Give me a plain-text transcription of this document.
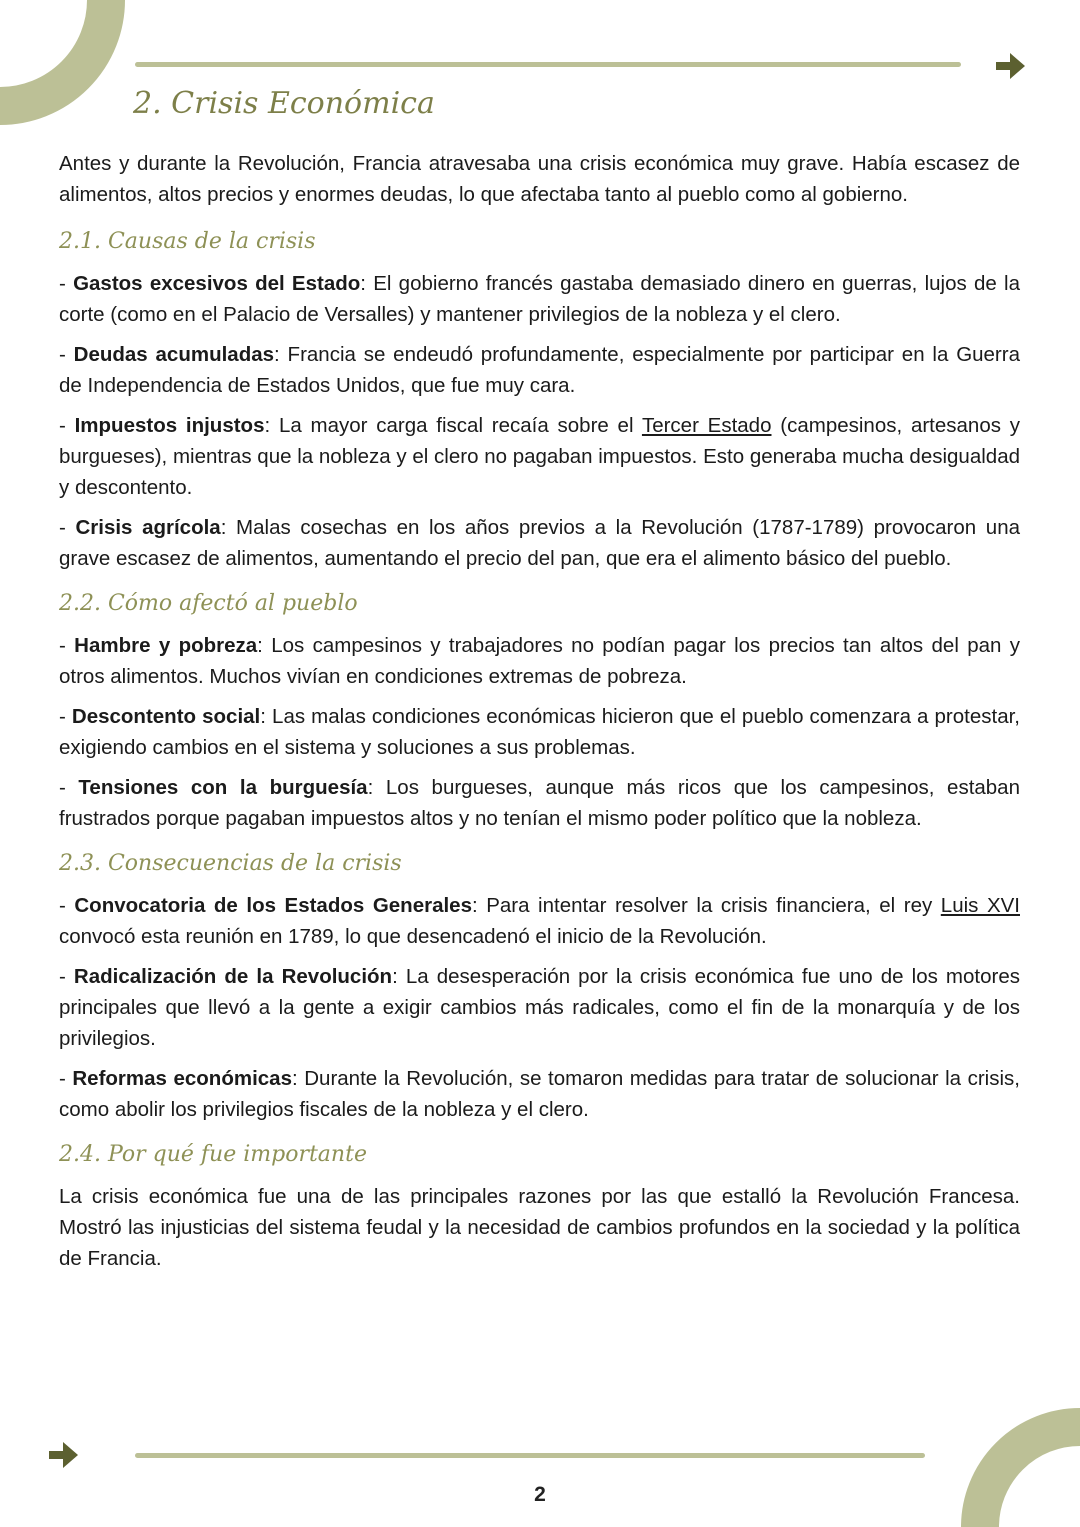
2. Crisis Económica

Antes y durante la Revolución, Francia atravesaba una crisis económica muy grave. Había escasez de alimentos, altos precios y enormes deudas, lo que afectaba tanto al pueblo como al gobierno.

2.1. Causas de la crisis

- Gastos excesivos del Estado: El gobierno francés gastaba demasiado dinero en guerras, lujos de la corte (como en el Palacio de Versalles) y mantener privilegios de la nobleza y el clero.

- Deudas acumuladas: Francia se endeudó profundamente, especialmente por participar en la Guerra de Independencia de Estados Unidos, que fue muy cara.

- Impuestos injustos: La mayor carga fiscal recaía sobre el Tercer Estado (campesinos, artesanos y burgueses), mientras que la nobleza y el clero no pagaban impuestos. Esto generaba mucha desigualdad y descontento.

- Crisis agrícola: Malas cosechas en los años previos a la Revolución (1787-1789) provocaron una grave escasez de alimentos, aumentando el precio del pan, que era el alimento básico del pueblo.

2.2. Cómo afectó al pueblo

- Hambre y pobreza: Los campesinos y trabajadores no podían pagar los precios tan altos del pan y otros alimentos. Muchos vivían en condiciones extremas de pobreza.

- Descontento social: Las malas condiciones económicas hicieron que el pueblo comenzara a protestar, exigiendo cambios en el sistema y soluciones a sus problemas.

- Tensiones con la burguesía: Los burgueses, aunque más ricos que los campesinos, estaban frustrados porque pagaban impuestos altos y no tenían el mismo poder político que la nobleza.

2.3. Consecuencias de la crisis

- Convocatoria de los Estados Generales: Para intentar resolver la crisis financiera, el rey Luis XVI convocó esta reunión en 1789, lo que desencadenó el inicio de la Revolución.

- Radicalización de la Revolución: La desesperación por la crisis económica fue uno de los motores principales que llevó a la gente a exigir cambios más radicales, como el fin de la monarquía y de los privilegios.

- Reformas económicas: Durante la Revolución, se tomaron medidas para tratar de solucionar la crisis, como abolir los privilegios fiscales de la nobleza y el clero.

2.4. Por qué fue importante

La crisis económica fue una de las principales razones por las que estalló la Revolución Francesa. Mostró las injusticias del sistema feudal y la necesidad de cambios profundos en la sociedad y la política de Francia.

2
